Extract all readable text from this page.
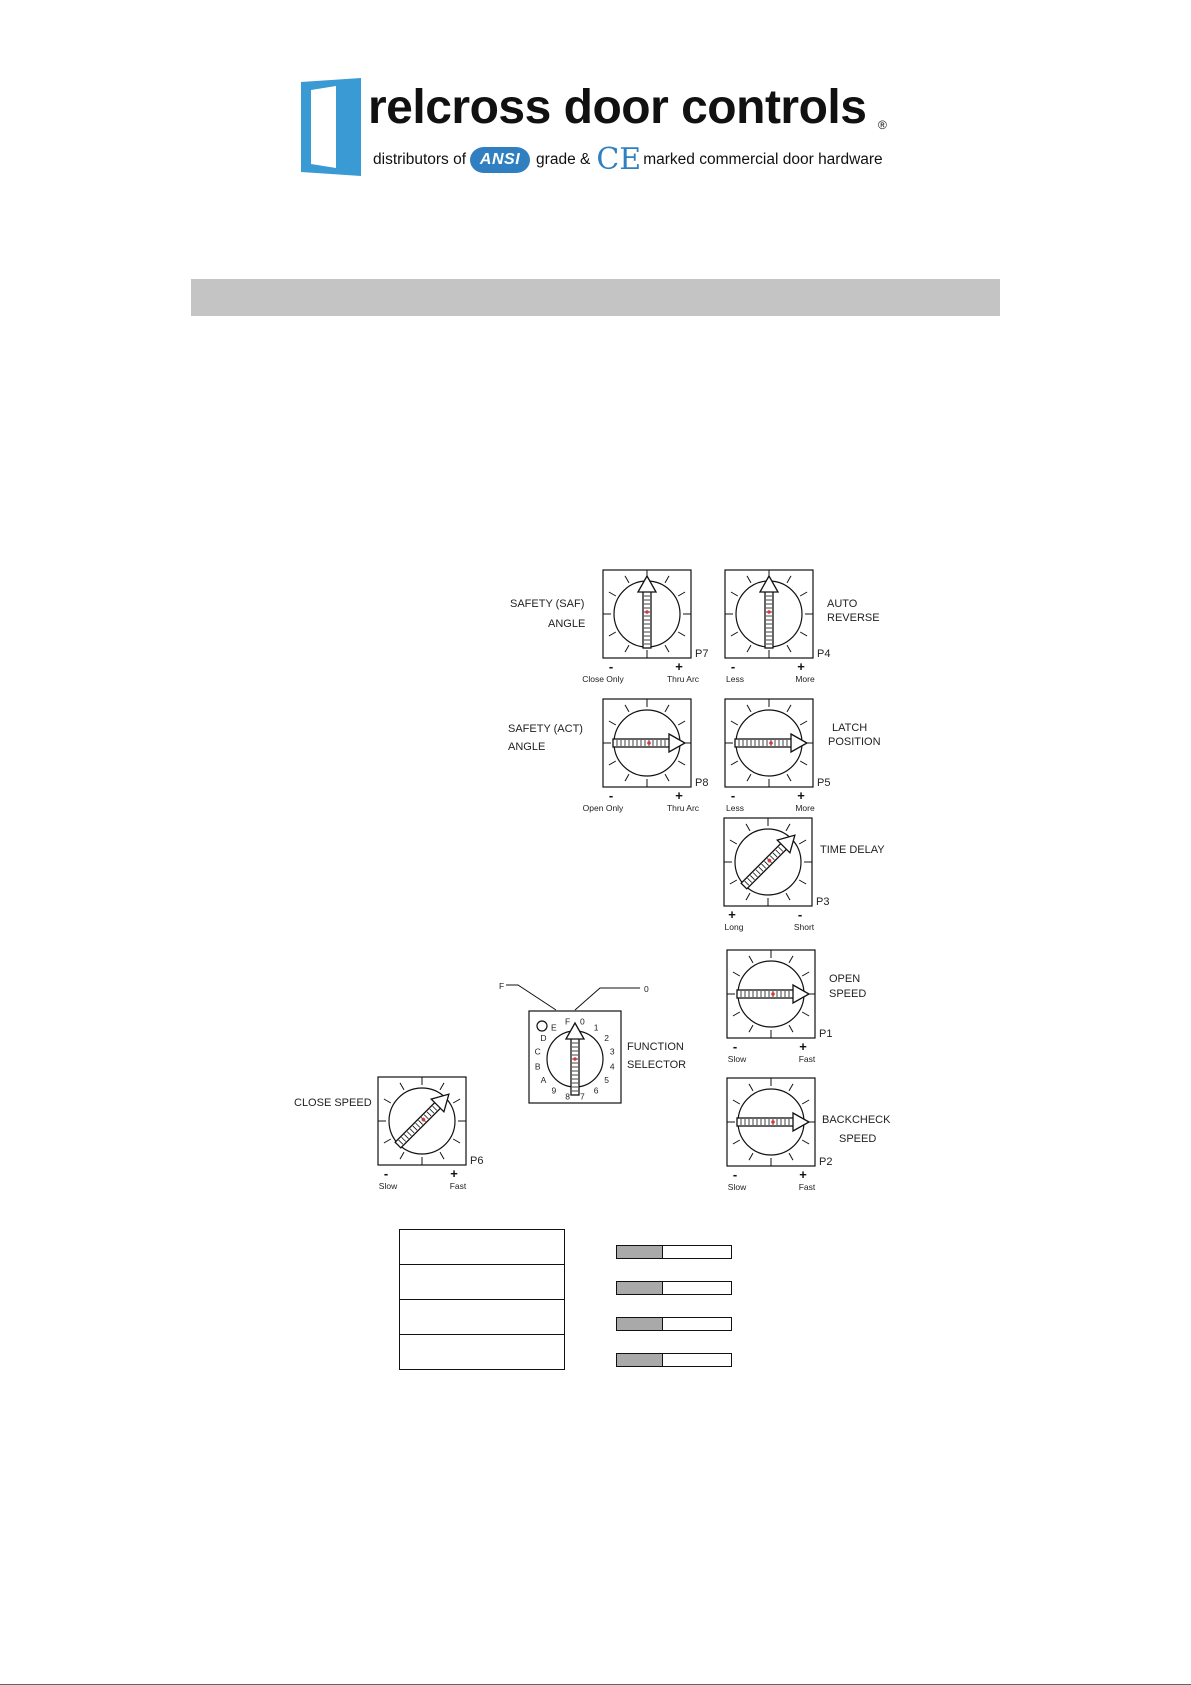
relcross door controls ®
distributors of ANSI	grade & CE marked commercial door hardware
P7
-	+
Close Only	Thru Arc
SAFETY (SAF)
ANGLE
P4
-	+
Less	More
AUTO
REVERSE
P8
-	+
Open Only	Thru Arc
SAFETY (ACT)
ANGLE
P5
-	+
Less	More
LATCH
POSITION
P3
+	-
Long	Short
TIME DELAY
P1
-	+
Slow	Fast
OPEN
SPEED
P2
-	+
Slow	Fast
BACKCHECK
SPEED
P6
-	+
Slow	Fast
CLOSE SPEED
F 0
1
2
3
4
5
6
7
8
9
A
B
C
D
E
F	0
FUNCTION
SELECTOR
